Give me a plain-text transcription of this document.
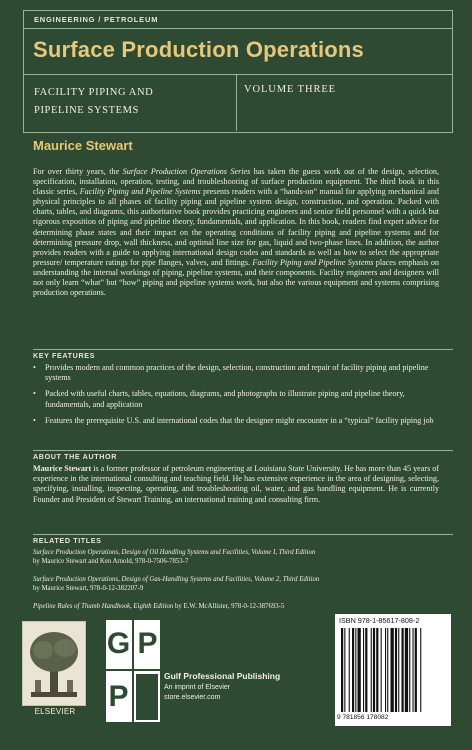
ENGINEERING / PETROLEUM
Surface Production Operations
FACILITY PIPING AND
PIPELINE SYSTEMS
VOLUME THREE
Maurice Stewart
For over thirty years, the Surface Production Operations Series has taken the guess work out of the design, selection, specification, installation, operation, testing, and troubleshooting of surface production equipment. The third book in this classic series, Facility Piping and Pipeline Systems presents readers with a “hands-on” manual for applying mechanical and physical principles to all phases of facility piping and pipeline system design, construction, and operation. Packed with charts, tables, and diagrams, this authoritative book provides practicing engineers and senior field personnel with a quick but rigorous exposition of piping and pipeline theory, fundamentals, and application. In this book, readers find expert advice for determining phase states and their impact on the operating conditions of facility piping and pipeline systems and for determining pressure drop, wall thickness, and optimal line size for gas, liquid and two-phase lines. In addition, the author provides readers with a guide to applying international design codes and standards as well as how to select the appropriate pressure/ temperature ratings for pipe flanges, valves, and fittings. Facility Piping and Pipeline Systems places emphasis on understanding the internal workings of piping, pipeline systems, and their components. Facility engineers and designers will not only learn “what” but “how” piping and pipeline systems work, but also the various equipment and systems comprising production operations.
KEY FEATURES
• Provides modern and common practices of the design, selection, construction and repair of facility piping and pipeline systems
• Packed with useful charts, tables, equations, diagrams, and photographs to illustrate piping and pipeline theory, fundamentals, and application
• Features the prerequisite U.S. and international codes that the designer might encounter in a “typical” facility piping job
ABOUT THE AUTHOR
Maurice Stewart is a former professor of petroleum engineering at Louisiana State University. He has more than 45 years of experience in the international consulting and teaching field. He has extensive experience in the area of designing, selecting, specifying, installing, inspecting, operating, and troubleshooting oil, water, and gas handling equipment. He is currently Founder and President of Stewart Training, an international training and consulting firm.
RELATED TITLES
Surface Production Operations, Design of Oil Handling Systems and Facilities, Volume I, Third Edition
by Maurice Stewart and Ken Arnold, 978-0-7506-7853-7
Surface Production Operations, Design of Gas-Handling Systems and Facilities, Volume 2, Third Edition
by Maurice Stewart, 978-0-12-382207-9
Pipeline Rules of Thumb Handbook, Eighth Edition by E.W. McAllister, 978-0-12-387693-5
ELSEVIER
G P
P
Gulf Professional Publishing
An imprint of Elsevier
store.elsevier.com
ISBN 978-1-85617-808-2
9 781856 178082
